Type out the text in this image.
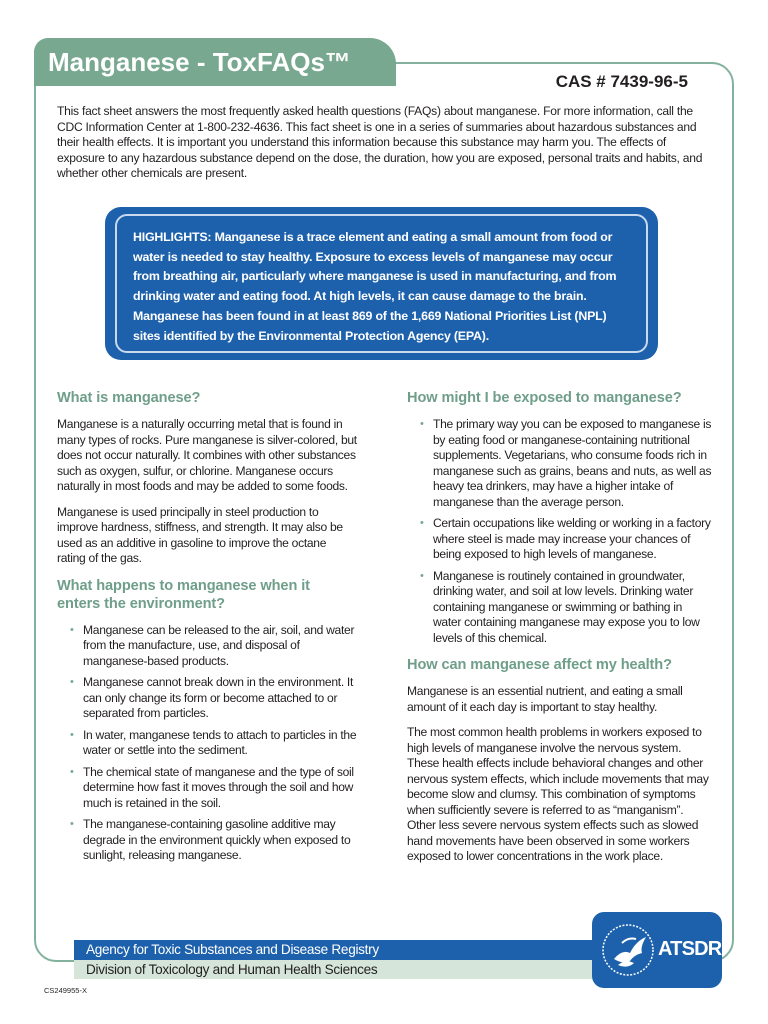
Manganese - ToxFAQs™
CAS # 7439-96-5
This fact sheet answers the most frequently asked health questions (FAQs) about manganese. For more information, call the CDC Information Center at 1-800-232-4636. This fact sheet is one in a series of summaries about hazardous substances and their health effects. It is important you understand this information because this substance may harm you. The effects of exposure to any hazardous substance depend on the dose, the duration, how you are exposed, personal traits and habits, and whether other chemicals are present.
HIGHLIGHTS: Manganese is a trace element and eating a small amount from food or water is needed to stay healthy. Exposure to excess levels of manganese may occur from breathing air, particularly where manganese is used in manufacturing, and from drinking water and eating food. At high levels, it can cause damage to the brain. Manganese has been found in at least 869 of the 1,669 National Priorities List (NPL) sites identified by the Environmental Protection Agency (EPA).
What is manganese?

Manganese is a naturally occurring metal that is found in many types of rocks. Pure manganese is silver-colored, but does not occur naturally. It combines with other substances such as oxygen, sulfur, or chlorine. Manganese occurs naturally in most foods and may be added to some foods.

Manganese is used principally in steel production to improve hardness, stiffness, and strength. It may also be used as an additive in gasoline to improve the octane rating of the gas.

What happens to manganese when it enters the environment?
• Manganese can be released to the air, soil, and water from the manufacture, use, and disposal of manganese-based products.
• Manganese cannot break down in the environment. It can only change its form or become attached to or separated from particles.
• In water, manganese tends to attach to particles in the water or settle into the sediment.
• The chemical state of manganese and the type of soil determine how fast it moves through the soil and how much is retained in the soil.
• The manganese-containing gasoline additive may degrade in the environment quickly when exposed to sunlight, releasing manganese.
How might I be exposed to manganese?
• The primary way you can be exposed to manganese is by eating food or manganese-containing nutritional supplements. Vegetarians, who consume foods rich in manganese such as grains, beans and nuts, as well as heavy tea drinkers, may have a higher intake of manganese than the average person.
• Certain occupations like welding or working in a factory where steel is made may increase your chances of being exposed to high levels of manganese.
• Manganese is routinely contained in groundwater, drinking water, and soil at low levels. Drinking water containing manganese or swimming or bathing in water containing manganese may expose you to low levels of this chemical.
How can manganese affect my health?

Manganese is an essential nutrient, and eating a small amount of it each day is important to stay healthy.

The most common health problems in workers exposed to high levels of manganese involve the nervous system. These health effects include behavioral changes and other nervous system effects, which include movements that may become slow and clumsy. This combination of symptoms when sufficiently severe is referred to as “manganism”. Other less severe nervous system effects such as slowed hand movements have been observed in some workers exposed to lower concentrations in the work place.

Agency for Toxic Substances and Disease Registry
Division of Toxicology and Human Health Sciences
ATSDR
CS249955-X
